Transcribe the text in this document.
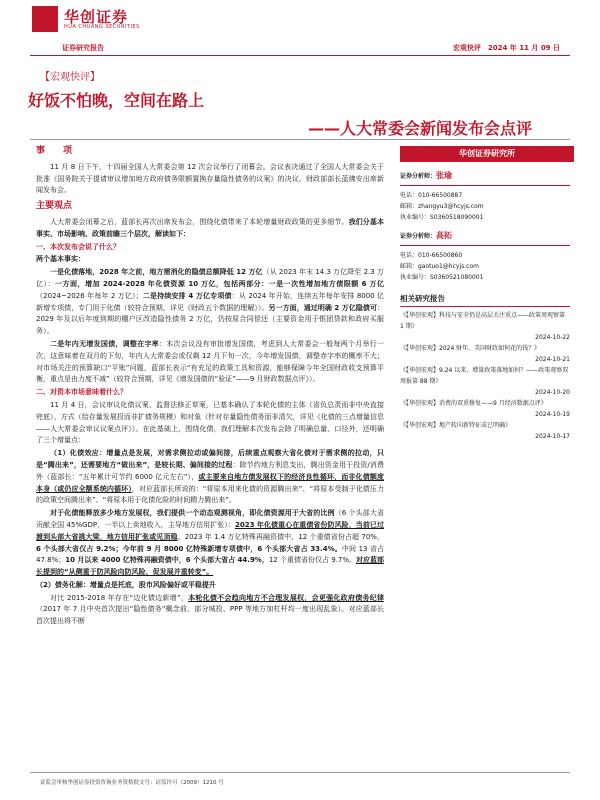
华创证券
HUA CHUANG SECURITIES
证券研究报告	宏观快评　2024 年 11 月 09 日
【宏观快评】
好饭不怕晚，空间在路上
——人大常委会新闻发布会点评
事　　项

11 月 8 日下午，十四届全国人大常委会第 12 次会议举行了闭幕会。会议表决通过了全国人大常委会关于批准《国务院关于提请审议增加地方政府债务限额置换存量隐性债务的议案》的决议。财政部部长蓝佛安出席新闻发布会。

主要观点

人大常委会闭幕之后，蓝部长再次出席发布会，围绕化债带来了本轮增量财政政策的更多细节。我们分基本事实、市场影响、政策前瞻三个层次，解读如下：

一、本次发布会说了什么？

两个基本事实：

一是化债落地，2028 年之前，地方需消化的隐债总额降低 12 万亿（从 2023 年末 14.3 万亿降至 2.3 万亿）：一方面，增加 2024-2028 年化债资源 10 万亿，包括两部分：一是一次性增加地方债限额 6 万亿（2024~2026 年每年 2 万亿）；二是持续安排 4 万亿专项债：从 2024 年开始，连续五年每年安排 8000 亿新增专项债，专门用于化债（较符合预期，详见《财政五个数据的理解》）。另一方面，通过明确 2 万亿隐债可：2029 年及以后年度到期的棚户区改造隐性债务 2 万亿，仍按原合同偿还（主要资金用于银团贷款和政府买服务）。

二是年内无增发国债，调整在字率：本次会议没有审批增发国债，考虑到人大常委会一般每两个月举行一次，这意味着在双月的下旬，年内人大常委会或仅剩 12 月下旬一次，今年增发国债，调整赤字率的概率不大；对市场关注的预算缺口“平账”问题，蓝部长表示“有充足的政策工具和资源，能够保障今年全国财政收支预算平衡，重点是由力度不减”（较符合预期，详见《增发国债的“验证”——9 月财政数据点评》）。

二、对资本市场意味着什么？

11 月 4 日，会议审议化债议案，监督法修正草案，已基本确认了本轮化债的主体（省负总责而非中央直接兜底）、方式（给存量发展投而非扩债务规模）和对象（针对存量隐性债务而非清欠，详见《化债的三点增量信息——人大常委会审议议案点评》）。在此基础上，围绕化债，我们理解本次发布会除了明确总量、口径外，还明确了三个增量点：

（1）化债效应：增量点是发展，对需求侧拉动或偏间接，后续重点观察大省化债对于需求侧的拉动，只是“腾出来”，还需要地方“做出来”，是较长期、偏间接的过程：除节约地方利息支出，腾出资金用于投资/消费外（蓝部长：“五年累计可节约 6000 亿元左右”），或主要来自地方债发展权下的经济良性循环，而非化债额度本身（或仍应全额系统内循环），对应蓝部长所说的：“将原本用来化债的资源腾出来”、“将原本受制于化债压力的政策空间腾出来”、“将原本用于化债化险的时间精力腾出来”。

对于化债能释放多少地方发展权，我们提供一个动态观测视角，即化债资源用于大省的比例（6 个头部大省贡献全国 45%GDP，一半以上卖地收入，主导地方信用扩张）：2023 年化债重心在重债省份防风险，当前已过渡到头部大省挑大梁，地方信用扩张或见顶稳。2023 年 1.4 万亿特殊再融资债中，12 个重债省份占超 70%，6 个头部大省仅占 9.2%；今年前 9 月 8000 亿特殊新增专项债中，6 个头部大省占 33.4%。中间 13 省占 47.8%；10 月以来 4000 亿特殊再融资债中，6 个头部大省占 44.9%，12 个重债省份仅占 9.7%。对应蓝部长提到的“从侧重于防风险向防风险、促发展并重转变”。

（2）债务化解：增量点是托底，股市风险偏好或平稳提升

对比 2015-2018 年存在“边化债边新增”，本轮化债不会趋向地方不合理发展权，会更强化政府债务纪律（2017 年 7 月中央首次提出“隐性债务”概念前，部分城投、PPP 等地方加杠杆均一度出现乱象）。对应蓝部长首次提出将不断

华创证券研究所
证券分析师：张瑜
电话：010-66500887
邮箱：zhangyu3@hcyjs.com
执业编号：S0360518090001
证券分析师：高拓
电话：010-66500860
邮箱：gaotuo1@hcyjs.com
执业编号：S0360521080001
相关研究报告

《【华创宏观】科技与安全仍是高层关注重点——政策周观察第 1 期》

2024-10-22

《【华创宏观】2024 财年，美国财政如何花的钱？》

2024-10-21

《【华创宏观】9.24 以来，增量政策落地如何？——政策观察双周报第 88 期》

2024-10-20

《【华创宏观】消费的双重修复——9 月经济数据点评》

2024-10-19

《【华创宏观】地产转向新特征或已明确》

2024-10-17

证监会审核华创证券投资咨询业务资格批文号：证监许可（2009）1210 号
